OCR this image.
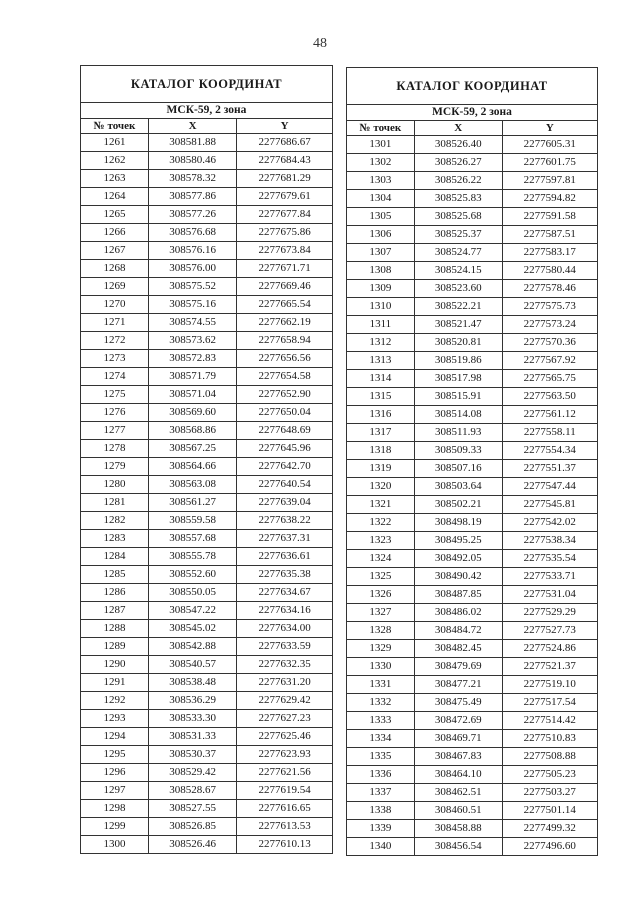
48
КАТАЛОГ КООРДИНАТ		
МСК-59, 2 зона		
№ точек	X	Y
1261	308581.88	2277686.67
1262	308580.46	2277684.43
1263	308578.32	2277681.29
1264	308577.86	2277679.61
1265	308577.26	2277677.84
1266	308576.68	2277675.86
1267	308576.16	2277673.84
1268	308576.00	2277671.71
1269	308575.52	2277669.46
1270	308575.16	2277665.54
1271	308574.55	2277662.19
1272	308573.62	2277658.94
1273	308572.83	2277656.56
1274	308571.79	2277654.58
1275	308571.04	2277652.90
1276	308569.60	2277650.04
1277	308568.86	2277648.69
1278	308567.25	2277645.96
1279	308564.66	2277642.70
1280	308563.08	2277640.54
1281	308561.27	2277639.04
1282	308559.58	2277638.22
1283	308557.68	2277637.31
1284	308555.78	2277636.61
1285	308552.60	2277635.38
1286	308550.05	2277634.67
1287	308547.22	2277634.16
1288	308545.02	2277634.00
1289	308542.88	2277633.59
1290	308540.57	2277632.35
1291	308538.48	2277631.20
1292	308536.29	2277629.42
1293	308533.30	2277627.23
1294	308531.33	2277625.46
1295	308530.37	2277623.93
1296	308529.42	2277621.56
1297	308528.67	2277619.54
1298	308527.55	2277616.65
1299	308526.85	2277613.53
1300	308526.46	2277610.13
КАТАЛОГ КООРДИНАТ		
МСК-59, 2 зона		
№ точек	X	Y
1301	308526.40	2277605.31
1302	308526.27	2277601.75
1303	308526.22	2277597.81
1304	308525.83	2277594.82
1305	308525.68	2277591.58
1306	308525.37	2277587.51
1307	308524.77	2277583.17
1308	308524.15	2277580.44
1309	308523.60	2277578.46
1310	308522.21	2277575.73
1311	308521.47	2277573.24
1312	308520.81	2277570.36
1313	308519.86	2277567.92
1314	308517.98	2277565.75
1315	308515.91	2277563.50
1316	308514.08	2277561.12
1317	308511.93	2277558.11
1318	308509.33	2277554.34
1319	308507.16	2277551.37
1320	308503.64	2277547.44
1321	308502.21	2277545.81
1322	308498.19	2277542.02
1323	308495.25	2277538.34
1324	308492.05	2277535.54
1325	308490.42	2277533.71
1326	308487.85	2277531.04
1327	308486.02	2277529.29
1328	308484.72	2277527.73
1329	308482.45	2277524.86
1330	308479.69	2277521.37
1331	308477.21	2277519.10
1332	308475.49	2277517.54
1333	308472.69	2277514.42
1334	308469.71	2277510.83
1335	308467.83	2277508.88
1336	308464.10	2277505.23
1337	308462.51	2277503.27
1338	308460.51	2277501.14
1339	308458.88	2277499.32
1340	308456.54	2277496.60
